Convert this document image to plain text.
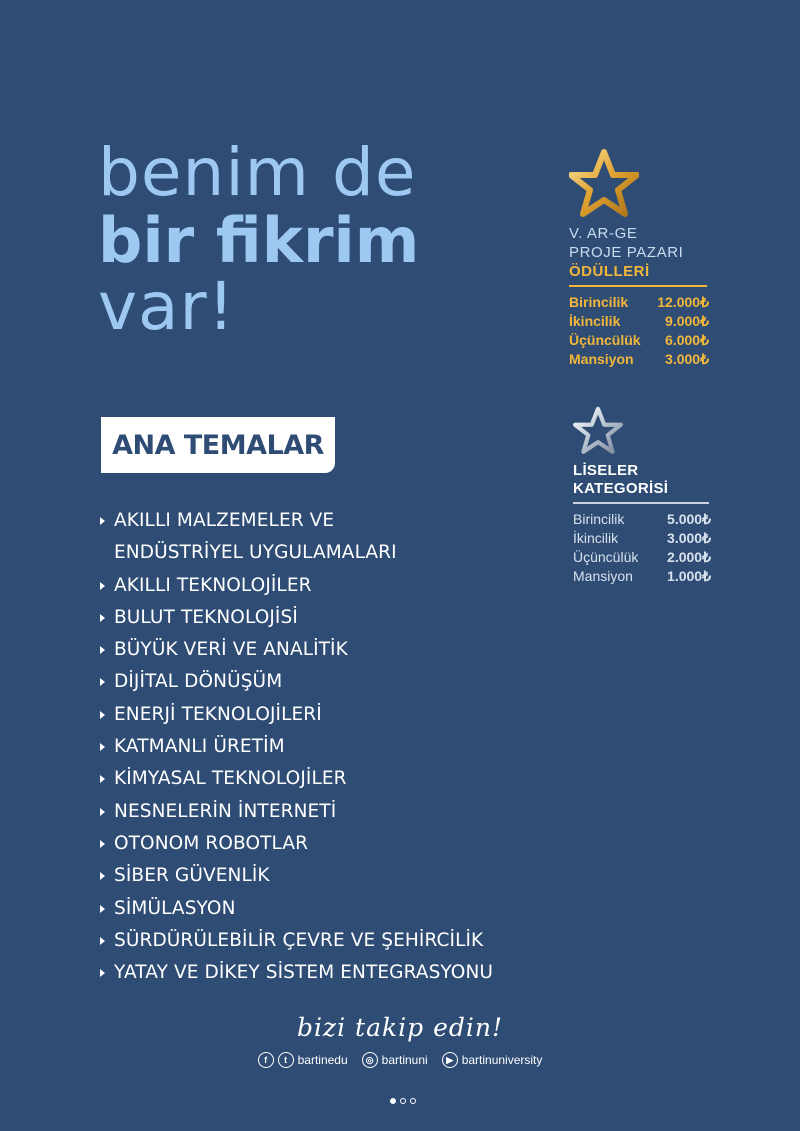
benim de
bir fikrim
var!
ANA TEMALAR
AKILLI MALZEMELER VE
ENDÜSTRİYEL UYGULAMALARI
AKILLI TEKNOLOJİLER
BULUT TEKNOLOJİSİ
BÜYÜK VERİ VE ANALİTİK
DİJİTAL DÖNÜŞÜM
ENERJİ TEKNOLOJİLERİ
KATMANLI ÜRETİM
KİMYASAL TEKNOLOJİLER
NESNELERİN İNTERNETİ
OTONOM ROBOTLAR
SİBER GÜVENLİK
SİMÜLASYON
SÜRDÜRÜLEBİLİR ÇEVRE VE ŞEHİRCİLİK
YATAY VE DİKEY SİSTEM ENTEGRASYONU
V. AR-GE
PROJE PAZARI
ÖDÜLLERİ
Birincilik 12.000₺
İkincilik	9.000₺
Üçüncülük 6.000₺
Mansiyon 3.000₺
LİSELER
KATEGORİSİ
Birincilik	5.000₺
İkincilik	3.000₺
Üçüncülük 2.000₺
Mansiyon 1.000₺
bizi takip edin!
f	t bartinedu	◎ bartinuni	▶ bartinuniversity
